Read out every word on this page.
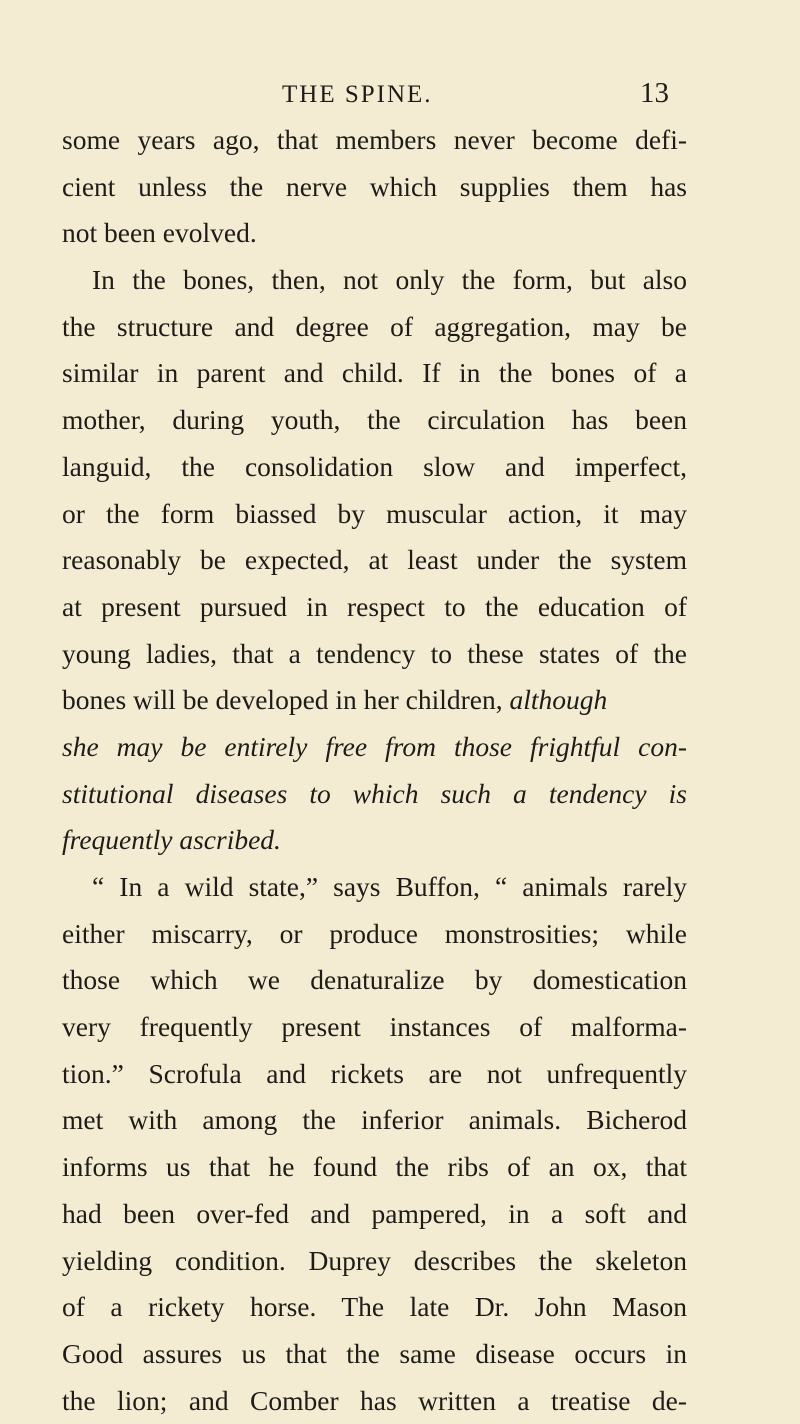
THE SPINE.	13
some years ago, that members never become defi-
cient unless the nerve which supplies them has
not been evolved.
In the bones, then, not only the form, but also
the structure and degree of aggregation, may be
similar in parent and child. If in the bones of a
mother, during youth, the circulation has been
languid, the consolidation slow and imperfect,
or the form biassed by muscular action, it may
reasonably be expected, at least under the system
at present pursued in respect to the education of
young ladies, that a tendency to these states of the
bones will be developed in her children, although
she may be entirely free from those frightful con-
stitutional diseases to which such a tendency is
frequently ascribed.
“ In a wild state,” says Buffon, “ animals rarely
either miscarry, or produce monstrosities; while
those which we denaturalize by domestication
very frequently present instances of malforma-
tion.” Scrofula and rickets are not unfrequently
met with among the inferior animals. Bicherod
informs us that he found the ribs of an ox, that
had been over-fed and pampered, in a soft and
yielding condition. Duprey describes the skeleton
of a rickety horse. The late Dr. John Mason
Good assures us that the same disease occurs in
the lion; and Comber has written a treatise de-
